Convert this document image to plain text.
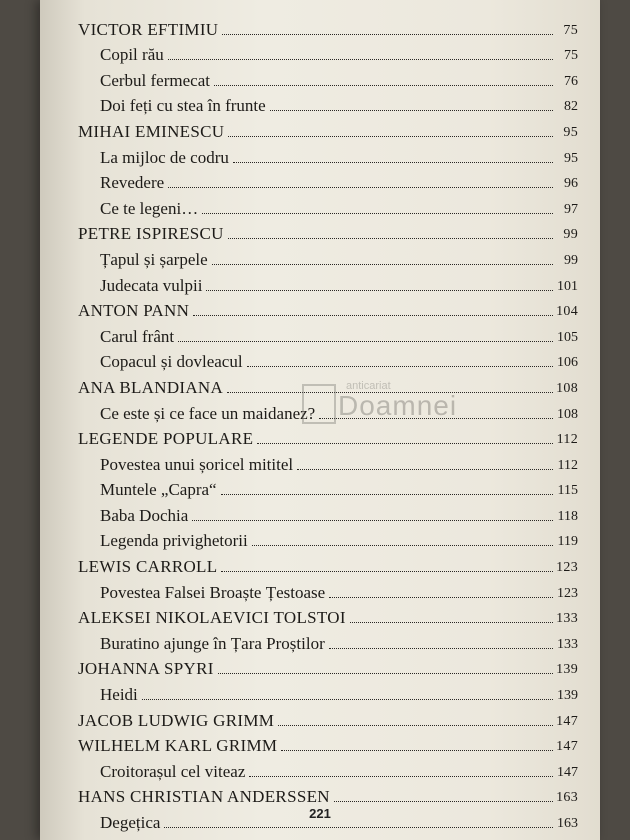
VICTOR EFTIMIU	75
Copil rău	75
Cerbul fermecat	76
Doi feți cu stea în frunte	82
MIHAI EMINESCU	95
La mijloc de codru	95
Revedere	96
Ce te legeni…	97
PETRE ISPIRESCU	99
Țapul și șarpele	99
Judecata vulpii	101
ANTON PANN	104
Carul frânt	105
Copacul și dovleacul	106
ANA BLANDIANA	108
Ce este și ce face un maidanez?	108
LEGENDE POPULARE	112
Povestea unui șoricel mititel	112
Muntele „Capra“	115
Baba Dochia	118
Legenda privighetorii	119
LEWIS CARROLL	123
Povestea Falsei Broaște Țestoase	123
ALEKSEI NIKOLAEVICI TOLSTOI	133
Buratino ajunge în Țara Proștilor	133
JOHANNA SPYRI	139
Heidi	139
JACOB LUDWIG GRIMM	147
WILHELM KARL GRIMM	147
Croitorașul cel viteaz	147
HANS CHRISTIAN ANDERSSEN	163
Degețica	163
anticariat
Doamnei
221
